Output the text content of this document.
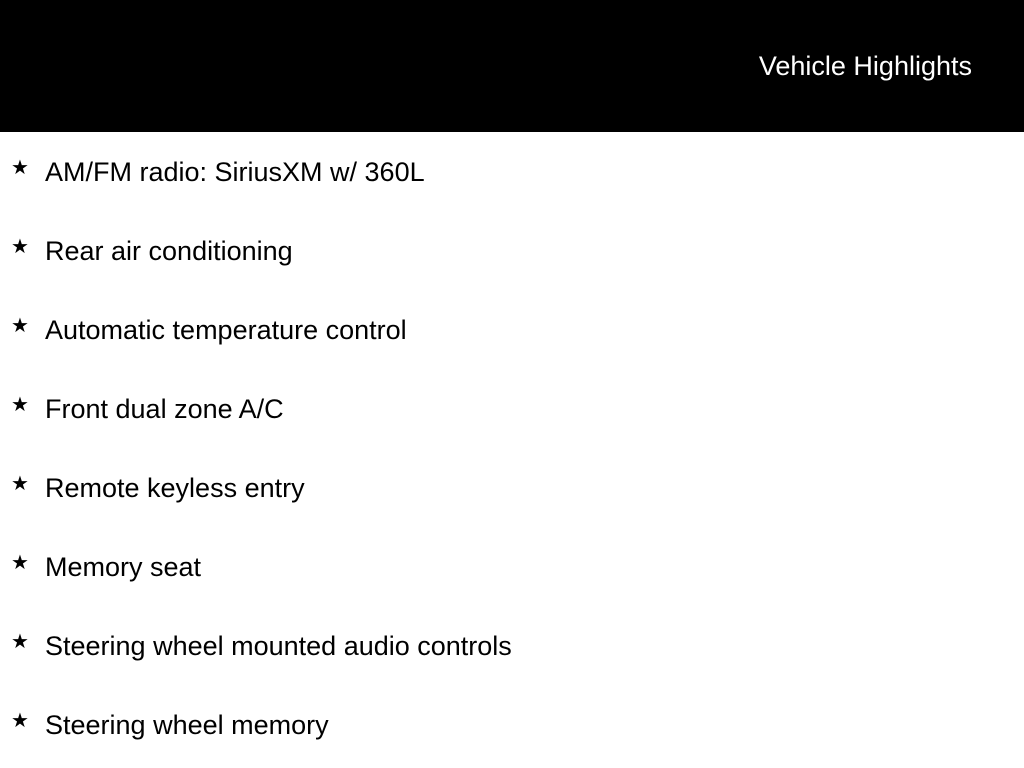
Vehicle Highlights
★ AM/FM radio: SiriusXM w/ 360L
★ Rear air conditioning
★ Automatic temperature control
★ Front dual zone A/C
★ Remote keyless entry
★ Memory seat
★ Steering wheel mounted audio controls
★ Steering wheel memory
